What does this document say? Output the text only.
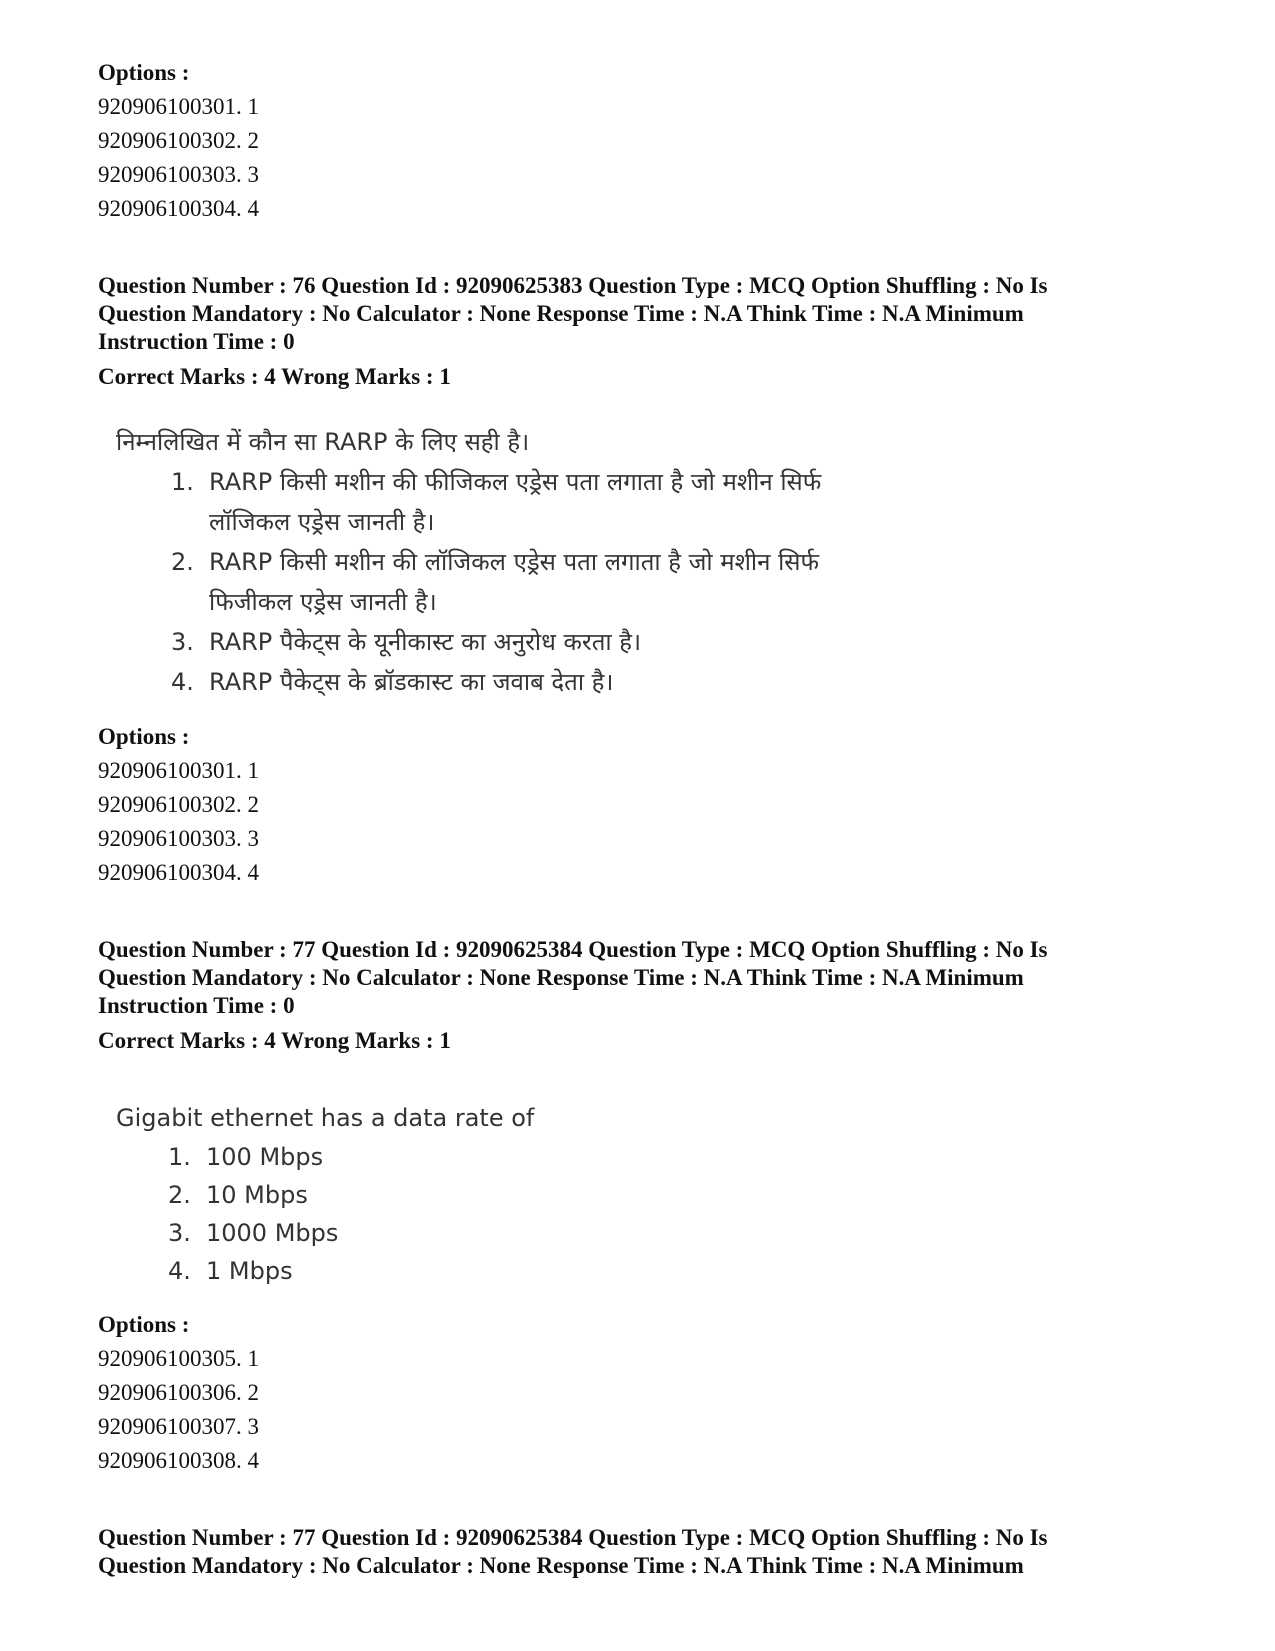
Options :
920906100301. 1
920906100302. 2
920906100303. 3
920906100304. 4
Question Number : 76 Question Id : 92090625383 Question Type : MCQ Option Shuffling : No Is
Question Mandatory : No Calculator : None Response Time : N.A Think Time : N.A Minimum
Instruction Time : 0
Correct Marks : 4 Wrong Marks : 1
निम्नलिखित में कौन सा RARP के लिए सही है।
1. RARP किसी मशीन की फीजिकल एड्रेस पता लगाता है जो मशीन सिर्फ लॉजिकल एड्रेस जानती है।
2. RARP किसी मशीन की लॉजिकल एड्रेस पता लगाता है जो मशीन सिर्फ फिजीकल एड्रेस जानती है।
3. RARP पैकेट्स के यूनीकास्ट का अनुरोध करता है।
4. RARP पैकेट्स के ब्रॉडकास्ट का जवाब देता है।
Options :
920906100301. 1
920906100302. 2
920906100303. 3
920906100304. 4
Question Number : 77 Question Id : 92090625384 Question Type : MCQ Option Shuffling : No Is
Question Mandatory : No Calculator : None Response Time : N.A Think Time : N.A Minimum
Instruction Time : 0
Correct Marks : 4 Wrong Marks : 1
Gigabit ethernet has a data rate of
1. 100 Mbps
2. 10 Mbps
3. 1000 Mbps
4. 1 Mbps
Options :
920906100305. 1
920906100306. 2
920906100307. 3
920906100308. 4
Question Number : 77 Question Id : 92090625384 Question Type : MCQ Option Shuffling : No Is
Question Mandatory : No Calculator : None Response Time : N.A Think Time : N.A Minimum
